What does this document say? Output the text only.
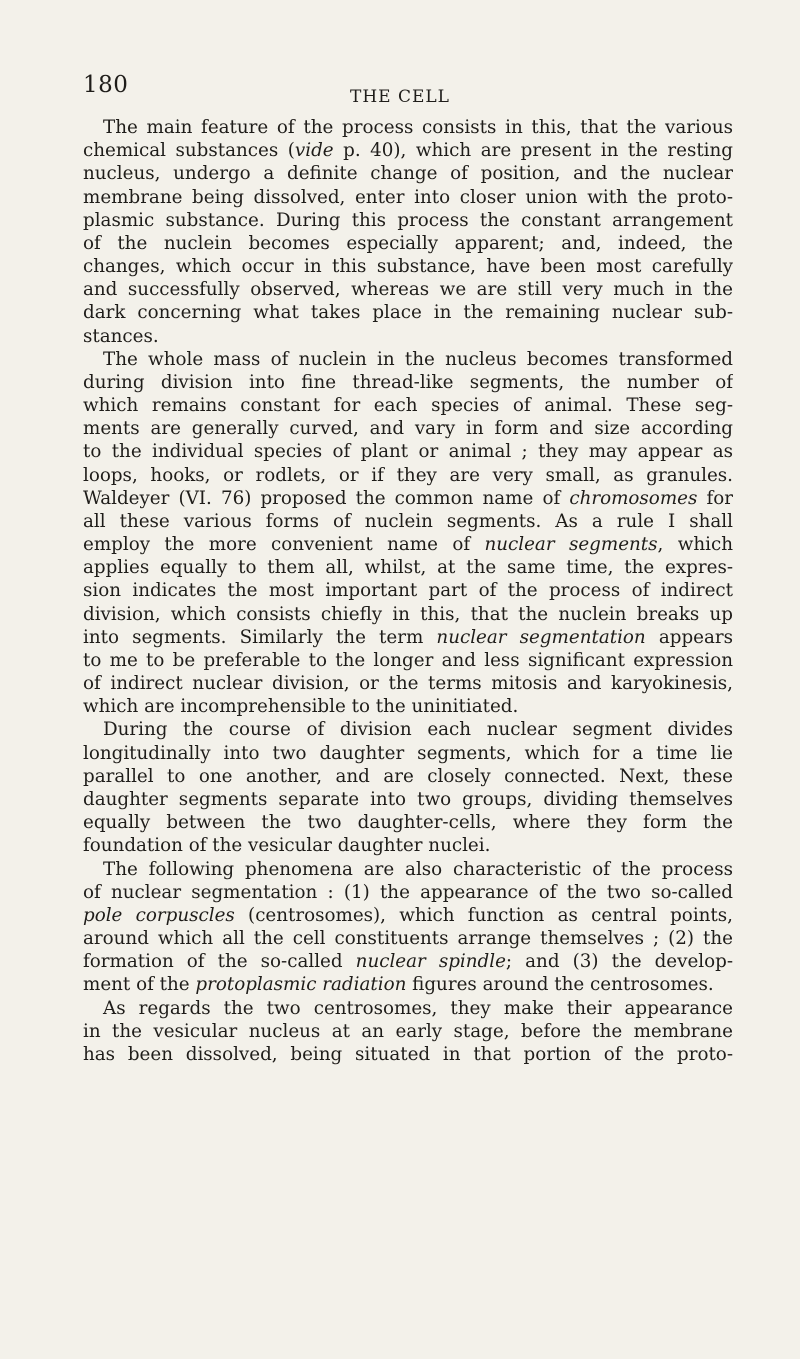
180	THE CELL
The main feature of the process consists in this, that the various
chemical substances (vide p. 40), which are present in the resting
nucleus, undergo a definite change of position, and the nuclear
membrane being dissolved, enter into closer union with the proto-
plasmic substance. During this process the constant arrangement
of the nuclein becomes especially apparent; and, indeed, the
changes, which occur in this substance, have been most carefully
and successfully observed, whereas we are still very much in the
dark concerning what takes place in the remaining nuclear sub-
stances.
The whole mass of nuclein in the nucleus becomes transformed
during division into fine thread-like segments, the number of
which remains constant for each species of animal. These seg-
ments are generally curved, and vary in form and size according
to the individual species of plant or animal ; they may appear as
loops, hooks, or rodlets, or if they are very small, as granules.
Waldeyer (VI. 76) proposed the common name of chromosomes for
all these various forms of nuclein segments. As a rule I shall
employ the more convenient name of nuclear segments, which
applies equally to them all, whilst, at the same time, the expres-
sion indicates the most important part of the process of indirect
division, which consists chiefly in this, that the nuclein breaks up
into segments. Similarly the term nuclear segmentation appears
to me to be preferable to the longer and less significant expression
of indirect nuclear division, or the terms mitosis and karyokinesis,
which are incomprehensible to the uninitiated.
During the course of division each nuclear segment divides
longitudinally into two daughter segments, which for a time lie
parallel to one another, and are closely connected. Next, these
daughter segments separate into two groups, dividing themselves
equally between the two daughter-cells, where they form the
foundation of the vesicular daughter nuclei.
The following phenomena are also characteristic of the process
of nuclear segmentation : (1) the appearance of the two so-called
pole corpuscles (centrosomes), which function as central points,
around which all the cell constituents arrange themselves ; (2) the
formation of the so-called nuclear spindle; and (3) the develop-
ment of the protoplasmic radiation figures around the centrosomes.
As regards the two centrosomes, they make their appearance
in the vesicular nucleus at an early stage, before the membrane
has been dissolved, being situated in that portion of the proto-
